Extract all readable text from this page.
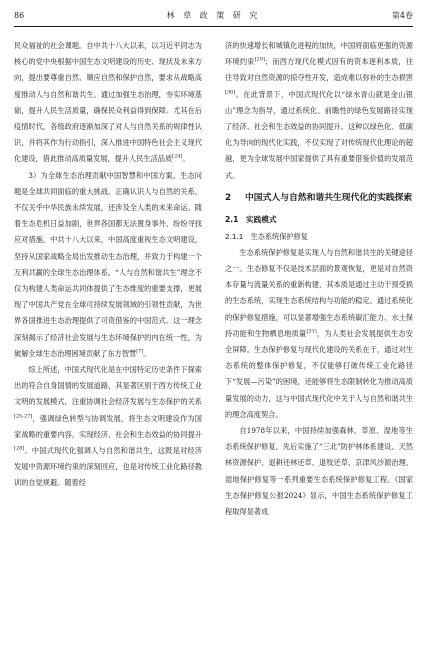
86	林 草 政 策 研 究	第4卷

民众福祉的社会课题。自中共十八大以来，以习近平同志为核心的党中央根据中国生态文明建设的历史、现状及未来方向，提出要尊重自然、顺应自然和保护自然，要求从战略高度推动人与自然和谐共生。通过加强生态治理，夯实环境基础，提升人民生活质量，确保民众利益得到保障。尤其在后疫情时代，各级政府逐渐加深了对人与自然关系的规律性认识，并将其作为行动指引，深入推进中国特色社会主义现代化建设，借此推动高质量发展，提升人民生活品质[24]。

3）为全球生态治理贡献中国智慧和中国方案。生态问题是全球共同面临的重大挑战。正确认识人与自然的关系，不仅关乎中华民族永续发展，还涉及全人类的未来命运。随着生态危机日益加剧，世界各国都无法置身事外，纷纷寻找应对措施。中共十八大以来，中国高度重视生态文明建设，坚持从国家战略全局出发推动生态治理，并致力于构建一个互利共赢的全球生态治理体系。“人与自然和谐共生”理念不仅为构建人类命运共同体提供了生态维度的重要支撑，更展现了中国共产党在全球可持续发展领域的引领性贡献，为世界各国推进生态治理提供了可资借鉴的中国范式。这一理念深刻揭示了经济社会发展与生态环境保护的内在统一性，为破解全球生态治理困境贡献了东方智慧[7]。

综上所述，中国式现代化是在中国特定历史条件下探索出的符合自身国情的发展道路，其显著区别于西方传统工业文明的发展模式，注重协调社会经济发展与生态保护的关系[25-27]，强调绿色转型与协调发展，将生态文明建设作为国家战略的重要内容，实现经济、社会和生态效益的协同提升[28]。中国式现代化强调人与自然和谐共生，这既是对经济发展中资源环境约束的深刻回应，也是对传统工业化路径教训的自觉规避。随着经

济的快速增长和城镇化进程的加快，中国将面临更强的资源环境约束[29]；而西方现代化模式因有的资本逐利本质，往往导致对自然资源的掠夺性开发，造成难以弥补的生态损害[30]。在此背景下，中国式现代化以“绿水青山就是金山银山”理念为指导，通过系统化、前瞻性的绿色发展路径实现了经济、社会和生态效益的协同提升。这种以绿色化、低碳化为导向的现代化实践，不仅实现了对传统现代化理论的超越，更为全球发展中国家提供了具有重要借鉴价值的发展范式。

2	中国式人与自然和谐共生现代化的实践探索
2.1　实践模式
2.1.1　生态系统保护修复

生态系统保护修复是实现人与自然和谐共生的关键途径之一。生态修复不仅是技术层面的景观恢复，更是对自然资本存量与流量关系的重新构建，其本质是通过主动干预受损的生态系统，实现生态系统结构与功能的稳定。通过系统化的保护修复措施，可以显著增强生态系统碳汇能力、水土保持功能和生物栖息地质量[31]，为人类社会发展提供生态安全屏障。生态保护修复与现代化建设的关系在于，通过对生态系统的整体保护修复，不仅能够打破传统工业化路径下“发展—污染”的困境，还能够将生态限制转化为推动高质量发展的动力，这与中国式现代化中关于人与自然和谐共生的理念高度契合。

自1978年以来，中国持续加强森林、草原、湿地等生态系统保护修复，先后实施了“三北”防护林体系建设、天然林资源保护、退耕还林还草、退牧还草、京津风沙源治理、湿地保护修复等一系列重要生态系统保护修复工程。《国家生态保护修复公报2024》显示，中国生态系统保护修复工程取得显著成
